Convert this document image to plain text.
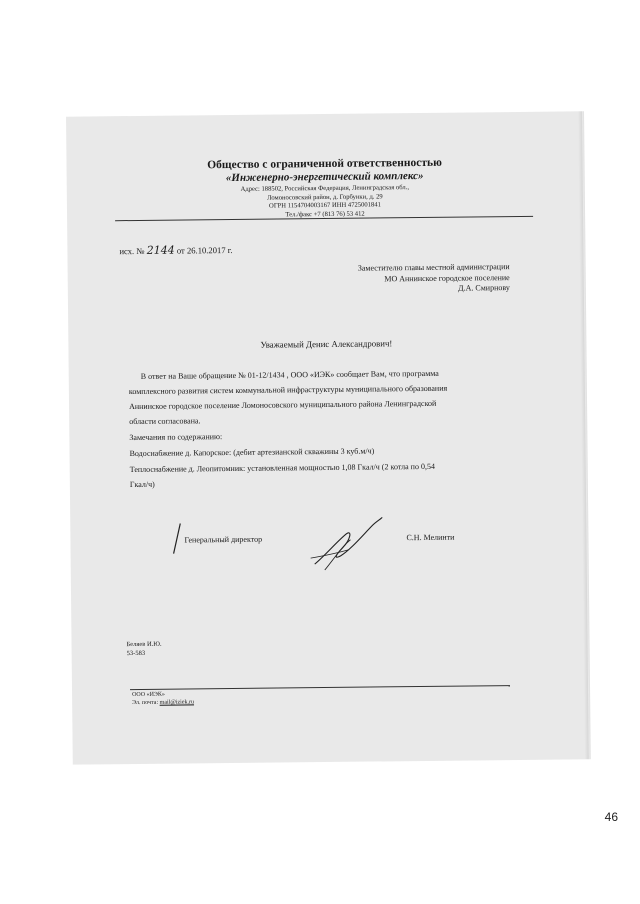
Общество с ограниченной ответственностью
«Инженерно-энергетический комплекс»
Адрес: 188502, Российская Федерация, Ленинградская обл.,
Ломоносовский район, д. Горбунки, д. 29
ОГРН 1154704003167 ИНН 4725001841
Тел./факс +7 (813 76) 53 412
исх. № 2144 от 26.10.2017 г.
Заместителю главы местной администрации
МО Аннинское городское поселение
Д.А. Смирнову
Уважаемый Денис Александрович!
В ответ на Ваше обращение № 01-12/1434 , ООО «ИЭК» сообщает Вам, что программа
комплексного развития систем коммунальной инфраструктуры муниципального образования
Аннинское городское поселение Ломоносовского муниципального района Ленинградской
области согласована.
Замечания по содержанию:
Водоснабжение д. Капорское: (дебит артезианской скважины 3 куб.м/ч)
Теплоснабжение д. Леопитомник: установленная мощностью 1,08 Гкал/ч (2 котла по 0,54
Гкал/ч)
Генеральный директор	С.Н. Мелинти
Беляев И.Ю.
53-583
ООО «ИЭК»
Эл. почта: mail@iziek.ru
46
